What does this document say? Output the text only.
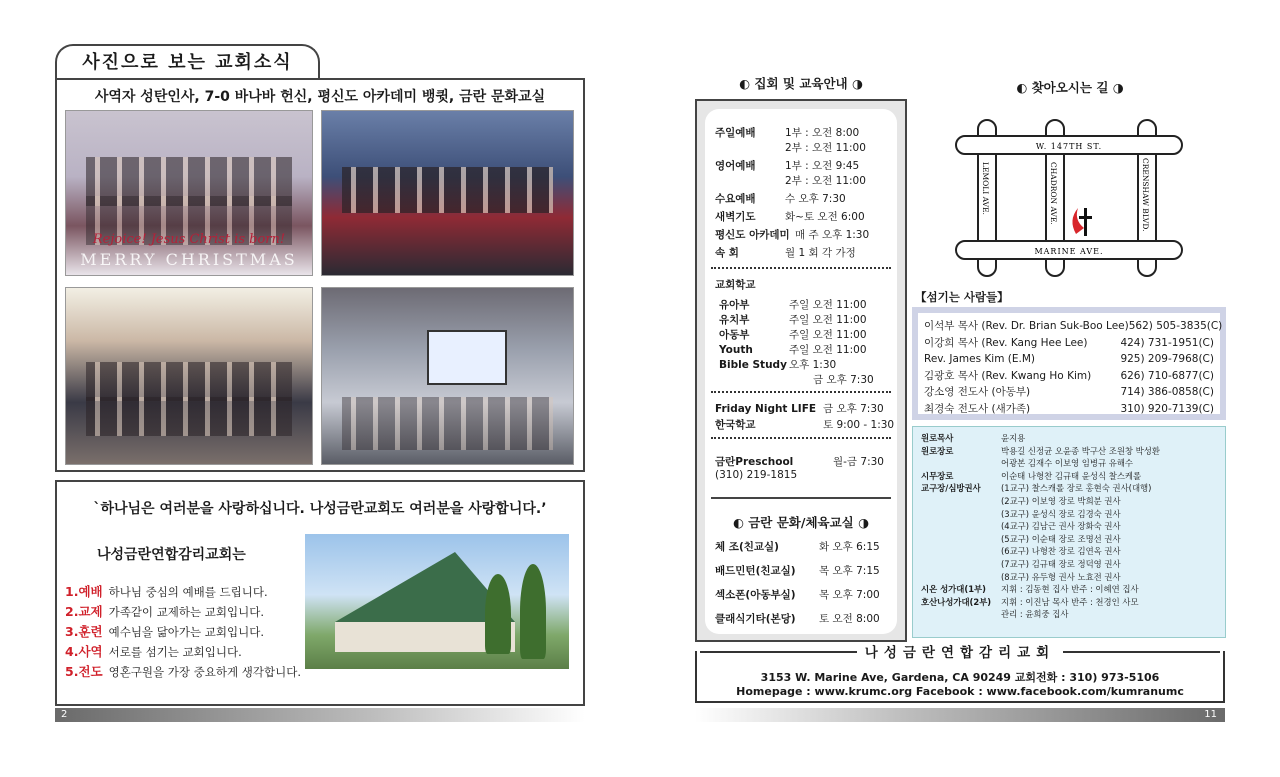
사진으로 보는 교회소식
사역자 성탄인사, 7-0 바나바 헌신, 평신도 아카데미 뱅큇, 금란 문화교실
Rejoice! Jesus Christ is born!
MERRY CHRISTMAS
`하나님은 여러분을 사랑하십니다. 나성금란교회도 여러분을 사랑합니다.’
나성금란연합감리교회는
1.예배 하나님 중심의 예배를 드립니다.
2.교제 가족같이 교제하는 교회입니다.
3.훈련 예수님을 닮아가는 교회입니다.
4.사역 서로를 섬기는 교회입니다.
5.전도 영혼구원을 가장 중요하게 생각합니다.
2
◐ 집회 및 교육안내 ◑
주일예배	1부 : 오전 8:00
2부 : 오전 11:00
영어예배	1부 : 오전 9:45
2부 : 오전 11:00
수요예배	수 오후 7:30
새벽기도	화~토 오전 6:00
평신도 아카데미 매 주 오후 1:30
속 회	월 1 회 각 가정
교회학교
유아부	주일 오전 11:00
유치부	주일 오전 11:00
아동부	주일 오전 11:00
Youth	주일 오전 11:00
Bible Study오후 1:30
금 오후 7:30
Friday Night LIFE 금 오후 7:30
한국학교	토 9:00 - 1:30
금란Preschool	월-금 7:30
(310) 219-1815
◐ 금란 문화/체육교실 ◑
체 조(친교실)	화 오후 6:15
배드민턴(친교실) 목 오후 7:15
섹소폰(아동부실) 목 오후 7:00
클래식기타(본당) 토 오전 8:00
◐ 찾아오시는 길 ◑
W. 147TH ST.
MARINE AVE.
LEMOLI AVE.	CHADRON AVE.	CRENSHAW BLVD.
【섬기는 사람들】
이석부 목사 (Rev. Dr. Brian Suk-Boo Lee) 562) 505-3835(C)
이강희 목사 (Rev. Kang Hee Lee)	424) 731-1951(C)
Rev. James Kim (E.M)	925) 209-7968(C)
김광호 목사 (Rev. Kwang Ho Kim)	626) 710-6877(C)
강소영 전도사 (아동부)	714) 386-0858(C)
최경숙 전도사 (새가족)	310) 920-7139(C)
원로목사	윤지용
원로장로	박용길 신정균 오윤종 박구산 조원창 박성환
어광본 김재수 이보영 임병규 유해수
시무장로	이순태 나형찬 김규태 윤성식 찰스케롤
교구장/심방권사	(1교구) 찰스캐롤 장로 홍현숙 권사(대행)
(2교구) 이보영 장로 박희분 권사
(3교구) 윤성식 장로 김경숙 권사
(4교구) 김남근 권사 장화숙 권사
(5교구) 이순태 장로 조명선 권사
(6교구) 나형찬 장로 김연옥 권사
(7교구) 김규태 장로 정덕영 권사
(8교구) 유두형 권사 노효전 권사
시온 성가대(1부)	지휘 : 김동현 집사 반주 : 이혜연 집사
호산나성가대(2부)	지휘 : 이진남 목사 반주 : 천경인 사모
관리 : 윤희중 집사
3153 W. Marine Ave, Gardena, CA 90249 교회전화 : 310) 973-5106
Homepage : www.krumc.org Facebook : www.facebook.com/kumranumc
나성금란연합감리교회
11
